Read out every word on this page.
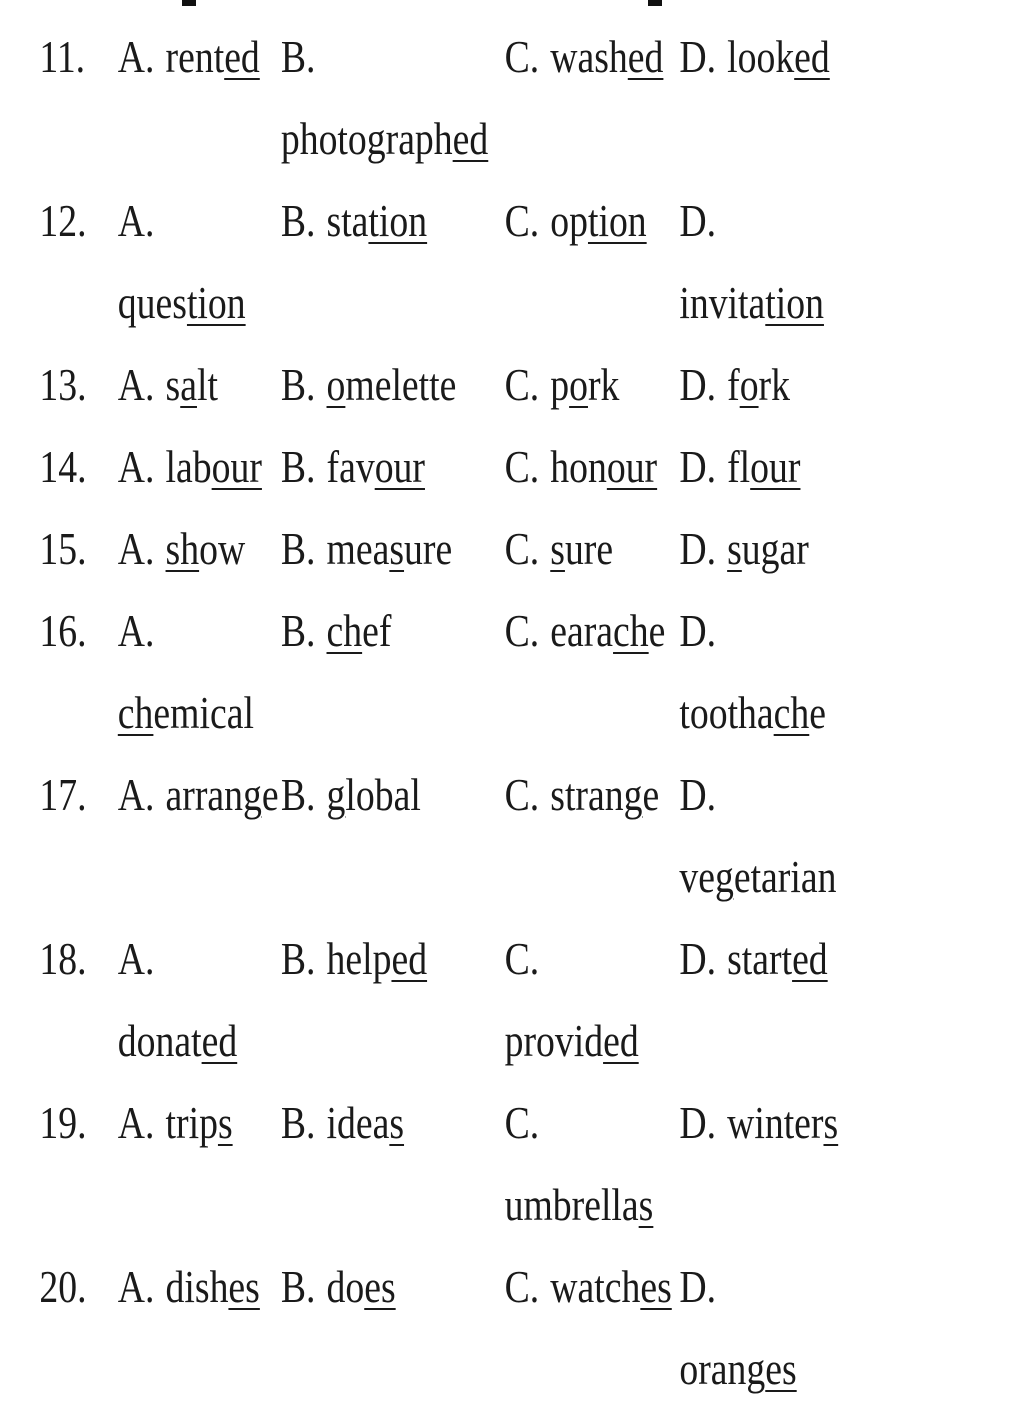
11.	A. rented	B. photographed	C. washed	D. looked

12.	A. question	B. station	C. option	D. invitation

13.	A. salt	B. omelette	C. pork	D. fork

14.	A. labour	B. favour	C. honour	D. flour

15.	A. show	B. measure	C. sure	D. sugar

16.	A. chemical	B. chef	C. earache	D. toothache

17.	A. arrange	B. global	C. strange	D. vegetarian

18.	A. donated	B. helped	C. provided	D. started

19.	A. trips	B. ideas	C. umbrellas	D. winters

20.	A. dishes	B. does	C. watches	D. oranges
